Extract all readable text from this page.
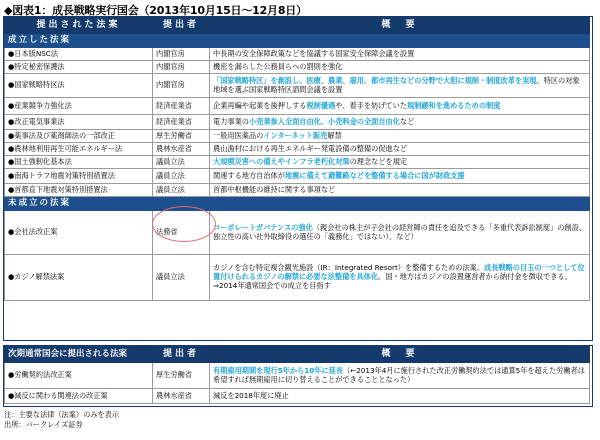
◆図表1：成長戦略実行国会（2013年10月15日〜12月8日）
提出された法案	提出者	概　要
成立した法案		
●日本版NSC法	内閣官房	中長期の安全保障政策などを協議する国家安全保障会議を設置
●特定秘密保護法	内閣官房	機密を漏らした公務員らへの罰則を強化
●国家戦略特区法	内閣官房	「国家戦略特区」を創設し、医療、農業、雇用、都市再生などの分野で大胆に規制・制度改革を実現。特区の対象地域を選ぶ国家戦略特区諮問会議を設置
●産業競争力強化法	経済産業省	企業再編や起業を後押しする税制優遇や、着手を妨げていた規制緩和を進めるための制度
●改正電気事業法	経済産業省	電力事業の小売業参入全面自由化、小売料金の全面自由化など
●薬事法及び薬剤師法の一部改正	厚生労働省	一般用医薬品のインターネット販売解禁
●農林地利用再生可能エネルギー法	農林水産省	農山漁村における再生エネルギー発電設備の整備の促進など
●国土強靭化基本法	議員立法	大規模災害への備えやインフラ老朽化対策の理念などを規定
●南海トラフ地震対策特別措置法	議員立法	関連する地方自治体が地震に備えて避難路などを整備する場合に国が財政支援
●首都直下地震対策特別措置法	議員立法	首都中枢機能の維持に関する事項など
未成立の法案		
●会社法改正案	法務省	コーポレートガバナンスの強化（親会社の株主が子会社の経営陣の責任を追及できる「多重代表訴訟制度」の創設、独立性の高い社外取締役の選任の「義務化」ではない）、など）
●カジノ解禁法案	議員立法	カジノを含む特定複合観光施設（IR：Integrated Resort）を整備するための法案。成長戦略の目玉の一つとして位置付けられるカジノの解禁に必要な法整備を具体化。国・地方はカジノの設置運営者から納付金を徴収できる。　⇒2014年通常国会での成立を目指す
次期通常国会に提出される法案	提出者	概　要
●労働契約法改正案	厚生労働省	有期雇用期間を現行5年から10年に延長（←2013年4月に施行された改正労働契約法では通算5年を超えた労働者は希望すれば無期雇用に切り替えることができることとなった）
●減反に関わる関連法の改正案	農林水産省	減反を2018年度に廃止
注：主要な法律（法案）のみを表示
出所：バークレイズ証券
